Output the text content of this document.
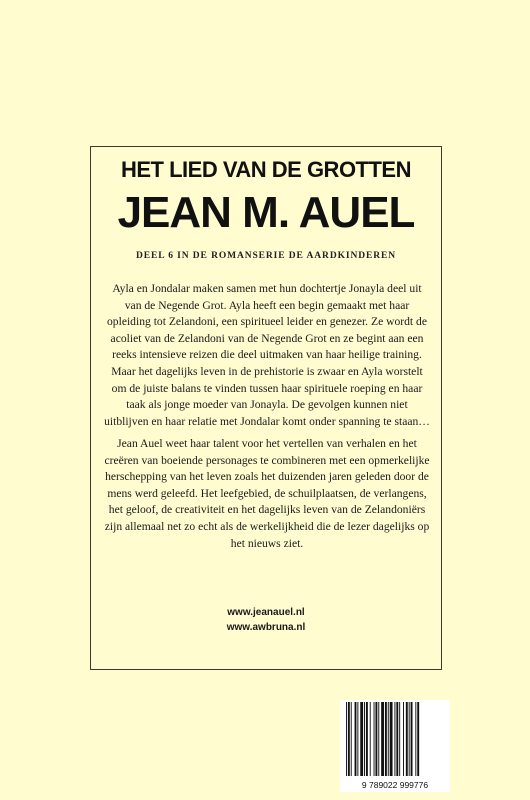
HET LIED VAN DE GROTTEN
JEAN M. AUEL
DEEL 6 IN DE ROMANSERIE DE AARDKINDEREN
Ayla en Jondalar maken samen met hun dochtertje Jonayla deel uit van de Negende Grot. Ayla heeft een begin gemaakt met haar opleiding tot Zelandoni, een spiritueel leider en genezer. Ze wordt de acoliet van de Zelandoni van de Negende Grot en ze begint aan een reeks intensieve reizen die deel uitmaken van haar heilige training. Maar het dagelijks leven in de prehistorie is zwaar en Ayla worstelt om de juiste balans te vinden tussen haar spirituele roeping en haar taak als jonge moeder van Jonayla. De gevolgen kunnen niet uitblijven en haar relatie met Jondalar komt onder spanning te staan…
Jean Auel weet haar talent voor het vertellen van verhalen en het creëren van boeiende personages te combineren met een opmerkelijke herschepping van het leven zoals het duizenden jaren geleden door de mens werd geleefd. Het leefgebied, de schuilplaatsen, de verlangens, het geloof, de creativiteit en het dagelijks leven van de Zelandoniërs zijn allemaal net zo echt als de werkelijkheid die de lezer dagelijks op het nieuws ziet.
www.jeanauel.nl
www.awbruna.nl
9 789022 999776
